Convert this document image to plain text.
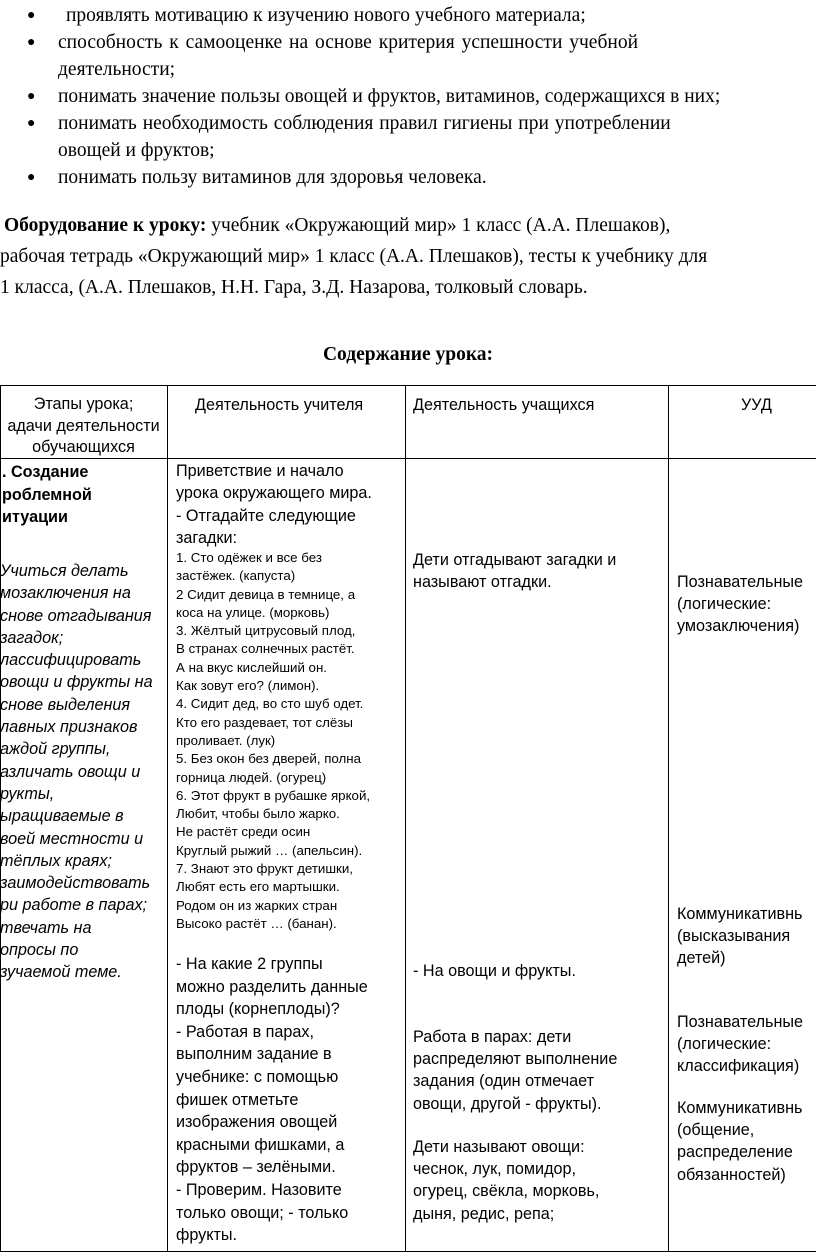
● проявлять мотивацию к изучению нового учебного материала;
● способность к самооценке на основе критерия успешности учебной
деятельности;
● понимать значение пользы овощей и фруктов, витаминов, содержащихся в них;
● понимать необходимость соблюдения правил гигиены при употреблении
овощей и фруктов;
● понимать пользу витаминов для здоровья человека.
Оборудование к уроку: учебник «Окружающий мир» 1 класс (А.А. Плешаков),
рабочая тетрадь «Окружающий мир» 1 класс (А.А. Плешаков), тесты к учебнику для
1 класса, (А.А. Плешаков, Н.Н. Гара, З.Д. Назарова, толковый словарь.
Содержание урока:
Этапы урока;
адачи деятельности
обучающихся
Деятельность учителя	Деятельность учащихся	УУД
. Создание
роблемной
итуации
Учиться делать
мозаключения на
снове отгадывания
загадок;
лассифицировать
овощи и фрукты на
снове выделения
лавных признаков
аждой группы,
азличать овощи и
рукты,
ыращиваемые в
воей местности и
тёплых краях;
заимодействовать
ри работе в парах;
твечать на
опросы по
зучаемой теме.
Приветствие и начало
урока окружающего мира.
- Отгадайте следующие
загадки:
1. Сто одёжек и все без
застёжек. (капуста)
2 Сидит девица в темнице, а
коса на улице. (морковь)
3. Жёлтый цитрусовый плод,
В странах солнечных растёт.
А на вкус кислейший он.
Как зовут его? (лимон).
4. Сидит дед, во сто шуб одет.
Кто его раздевает, тот слёзы
проливает. (лук)
5. Без окон без дверей, полна
горница людей. (огурец)
6. Этот фрукт в рубашке яркой,
Любит, чтобы было жарко.
Не растёт среди осин
Круглый рыжий … (апельсин).
7. Знают это фрукт детишки,
Любят есть его мартышки.
Родом он из жарких стран
Высоко растёт … (банан).
- На какие 2 группы
можно разделить данные
плоды (корнеплоды)?
- Работая в парах,
выполним задание в
учебнике: с помощью
фишек отметьте
изображения овощей
красными фишками, а
фруктов – зелёными.
- Проверим. Назовите
только овощи; - только
фрукты.
Дети отгадывают загадки и
называют отгадки.
- На овощи и фрукты.
Работа в парах: дети
распределяют выполнение
задания (один отмечает
овощи, другой - фрукты).
Дети называют овощи:
чеснок, лук, помидор,
огурец, свёкла, морковь,
дыня, редис, репа;
Познавательные
(логические:
умозаключения)
Коммуникативнь
(высказывания
детей)
Познавательные
(логические:
классификация)
Коммуникативнь
(общение,
распределение
обязанностей)
